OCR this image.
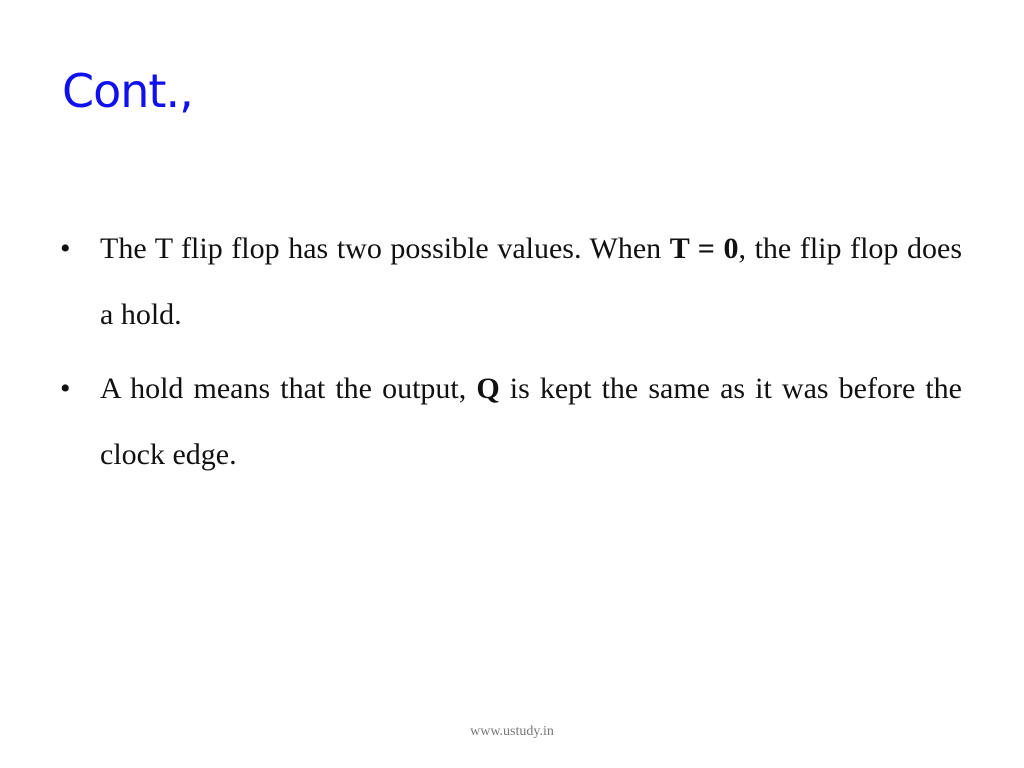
Cont.,
• The T flip flop has two possible values. When T = 0, the flip flop does a hold.
• A hold means that the output, Q is kept the same as it was before the clock edge.
www.ustudy.in
